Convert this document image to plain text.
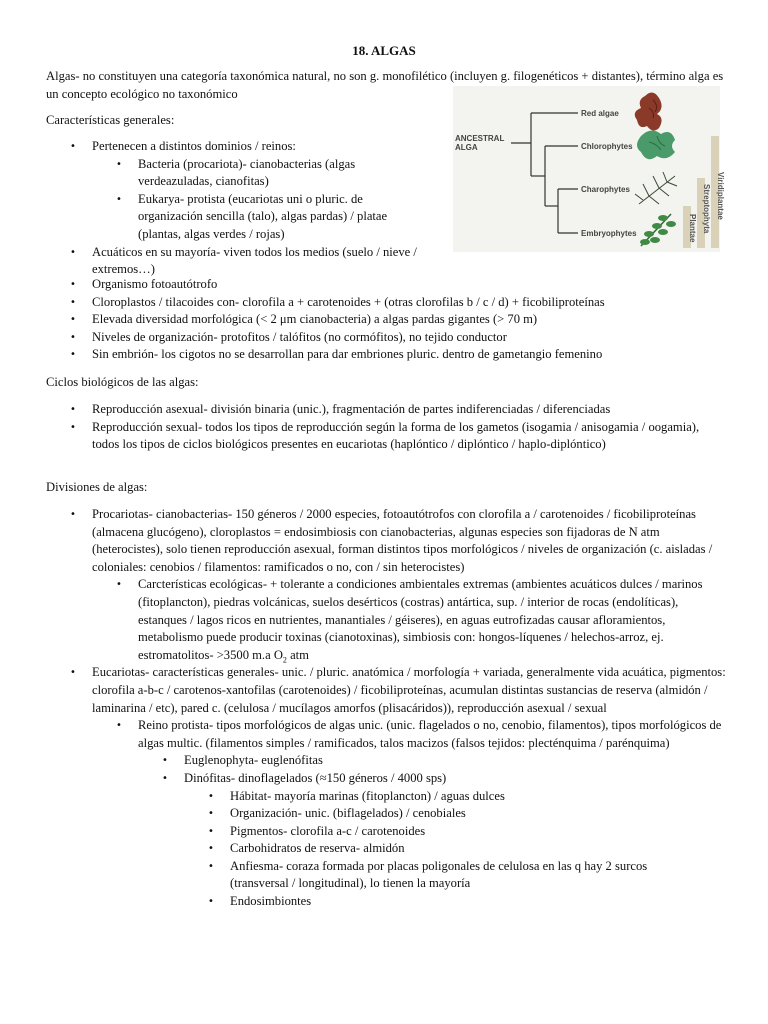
18. ALGAS
Algas- no constituyen una categoría taxonómica natural, no son g. monofilético (incluyen g. filogenéticos + distantes), término alga es un concepto ecológico no taxonómico
Características generales:
ANCESTRAL
ALGA
Red algae
Chlorophytes
Charophytes
Embryophytes
Viridiplantae
Streptophyta
Plantae
• Pertenecen a distintos dominios / reinos:
• Bacteria (procariota)- cianobacterias (algas verdeazuladas, cianofitas)
• Eukarya- protista (eucariotas uni o pluric. de organización sencilla (talo), algas pardas) / platae (plantas, algas verdes / rojas)
• Acuáticos en su mayoría- viven todos los medios (suelo / nieve / extremos…)
• Organismo fotoautótrofo
• Cloroplastos / tilacoides con- clorofila a + carotenoides + (otras clorofilas b / c / d) + ficobiliproteínas
• Elevada diversidad morfológica (< 2 μm cianobacteria) a algas pardas gigantes (> 70 m)
• Niveles de organización- protofitos / talófitos (no cormófitos), no tejido conductor
• Sin embrión- los cigotos no se desarrollan para dar embriones pluric. dentro de gametangio femenino
Ciclos biológicos de las algas:
• Reproducción asexual- división binaria (unic.), fragmentación de partes indiferenciadas / diferenciadas
• Reproducción sexual- todos los tipos de reproducción según la forma de los gametos (isogamia / anisogamia / oogamia), todos los tipos de ciclos biológicos presentes en eucariotas (haplóntico / diplóntico / haplo-diplóntico)
Divisiones de algas:
• Procariotas- cianobacterias- 150 géneros / 2000 especies, fotoautótrofos con clorofila a / carotenoides / ficobiliproteínas (almacena glucógeno), cloroplastos = endosimbiosis con cianobacterias, algunas especies son fijadoras de N atm (heterocistes), solo tienen reproducción asexual, forman distintos tipos morfológicos / niveles de organización (c. aisladas / coloniales: cenobios / filamentos: ramificados o no, con / sin heterocistes)
• Carcterísticas ecológicas- + tolerante a condiciones ambientales extremas (ambientes acuáticos dulces / marinos (fitoplancton), piedras volcánicas, suelos desérticos (costras) antártica, sup. / interior de rocas (endolíticas), estanques / lagos ricos en nutrientes, manantiales / géiseres), en aguas eutrofizadas causar afloramientos, metabolismo puede producir toxinas (cianotoxinas), simbiosis con: hongos-líquenes / helechos-arroz, ej. estromatolitos- >3500 m.a $O_2$ atm
• Eucariotas- características generales- unic. / pluric. anatómica / morfología + variada, generalmente vida acuática, pigmentos: clorofila a-b-c / carotenos-xantofilas (carotenoides) / ficobiliproteínas, acumulan distintas sustancias de reserva (almidón / laminarina / etc), pared c. (celulosa / mucílagos amorfos (plisacáridos)), reproducción asexual / sexual
• Reino protista- tipos morfológicos de algas unic. (unic. flagelados o no, cenobio, filamentos), tipos morfológicos de algas multic. (filamentos simples / ramificados, talos macizos (falsos tejidos: plecténquima / parénquima)
• Euglenophyta- euglenófitas
• Dinófitas- dinoflagelados (≈150 géneros / 4000 sps)
• Hábitat- mayoría marinas (fitoplancton) / aguas dulces
• Organización- unic. (biflagelados) / cenobiales
• Pigmentos- clorofila a-c / carotenoides
• Carbohidratos de reserva- almidón
• Anfiesma- coraza formada por placas poligonales de celulosa en las q hay 2 surcos (transversal / longitudinal), lo tienen la mayoría
• Endosimbiontes
